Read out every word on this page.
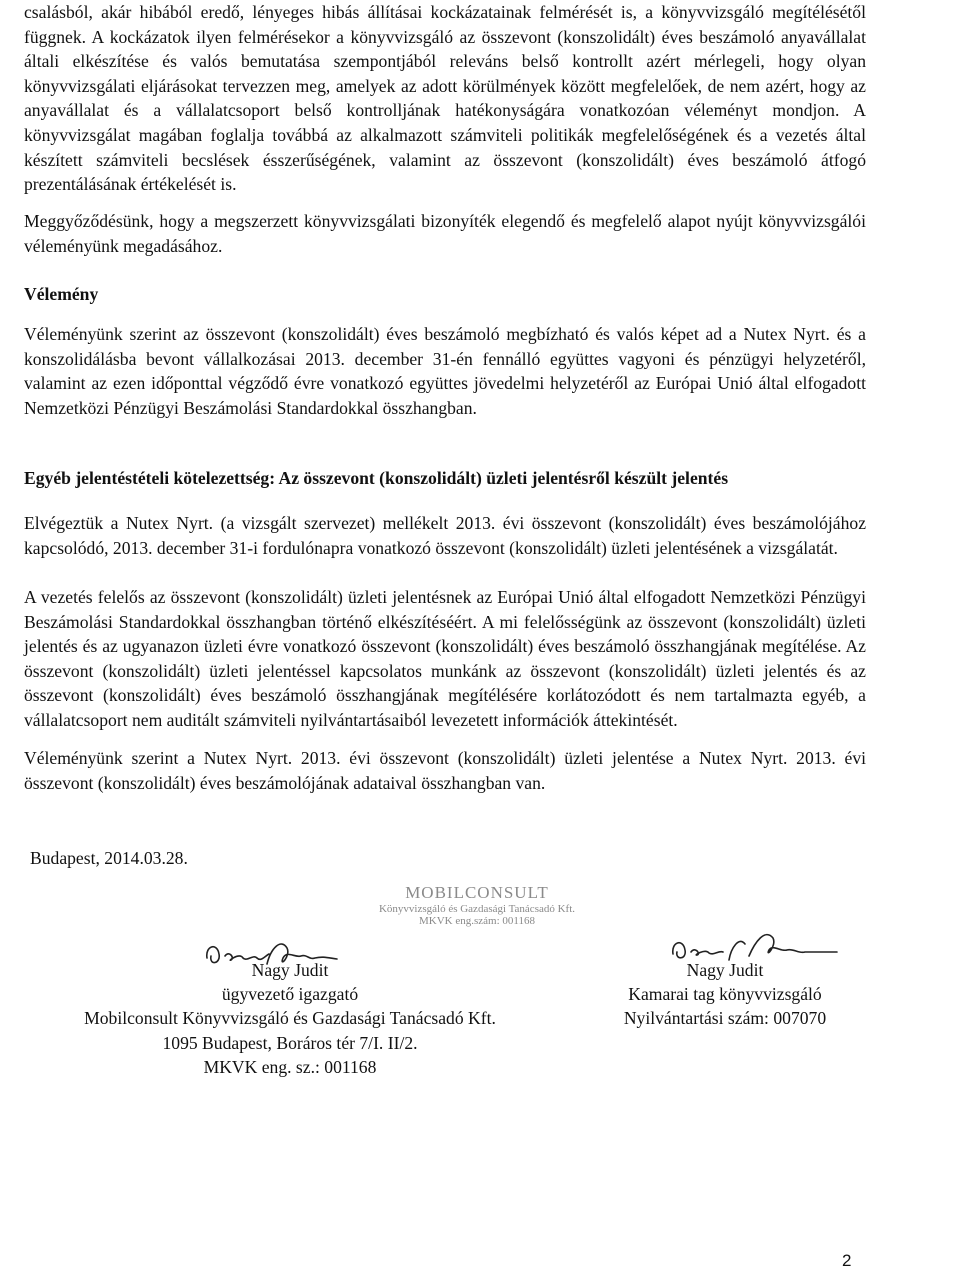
csalásból, akár hibából eredő, lényeges hibás állításai kockázatainak felmérését is, a könyvvizsgáló megítélésétől függnek. A kockázatok ilyen felmérésekor a könyvvizsgáló az összevont (konszolidált) éves beszámoló anyavállalat általi elkészítése és valós bemutatása szempontjából releváns belső kontrollt azért mérlegeli, hogy olyan könyvvizsgálati eljárásokat tervezzen meg, amelyek az adott körülmények között megfelelőek, de nem azért, hogy az anyavállalat és a vállalatcsoport belső kontrolljának hatékonyságára vonatkozóan véleményt mondjon. A könyvvizsgálat magában foglalja továbbá az alkalmazott számviteli politikák megfelelőségének és a vezetés által készített számviteli becslések ésszerűségének, valamint az összevont (konszolidált) éves beszámoló átfogó prezentálásának értékelését is.

Meggyőződésünk, hogy a megszerzett könyvvizsgálati bizonyíték elegendő és megfelelő alapot nyújt könyvvizsgálói véleményünk megadásához.

Vélemény

Véleményünk szerint az összevont (konszolidált) éves beszámoló megbízható és valós képet ad a Nutex Nyrt. és a konszolidálásba bevont vállalkozásai 2013. december 31-én fennálló együttes vagyoni és pénzügyi helyzetéről, valamint az ezen időponttal végződő évre vonatkozó együttes jövedelmi helyzetéről az Európai Unió által elfogadott Nemzetközi Pénzügyi Beszámolási Standardokkal összhangban.

Egyéb jelentéstételi kötelezettség: Az összevont (konszolidált) üzleti jelentésről készült jelentés

Elvégeztük a Nutex Nyrt. (a vizsgált szervezet) mellékelt 2013. évi összevont (konszolidált) éves beszámolójához kapcsolódó, 2013. december 31-i fordulónapra vonatkozó összevont (konszolidált) üzleti jelentésének a vizsgálatát.

A vezetés felelős az összevont (konszolidált) üzleti jelentésnek az Európai Unió által elfogadott Nemzetközi Pénzügyi Beszámolási Standardokkal összhangban történő elkészítéséért. A mi felelősségünk az összevont (konszolidált) üzleti jelentés és az ugyanazon üzleti évre vonatkozó összevont (konszolidált) éves beszámoló összhangjának megítélése. Az összevont (konszolidált) üzleti jelentéssel kapcsolatos munkánk az összevont (konszolidált) üzleti jelentés és az összevont (konszolidált) éves beszámoló összhangjának megítélésére korlátozódott és nem tartalmazta egyéb, a vállalatcsoport nem auditált számviteli nyilvántartásaiból levezetett információk áttekintését.

Véleményünk szerint a Nutex Nyrt. 2013. évi összevont (konszolidált) üzleti jelentése a Nutex Nyrt. 2013. évi összevont (konszolidált) éves beszámolójának adataival összhangban van.

Budapest, 2014.03.28.
MOBILCONSULT
Könyvvizsgáló és Gazdasági Tanácsadó Kft.
MKVK eng.szám: 001168
Nagy Judit
ügyvezető igazgató
Mobilconsult Könyvvizsgáló és Gazdasági Tanácsadó Kft.
1095 Budapest, Boráros tér 7/I. II/2.
MKVK eng. sz.: 001168
Nagy Judit
Kamarai tag könyvvizsgáló
Nyilvántartási szám: 007070
2
